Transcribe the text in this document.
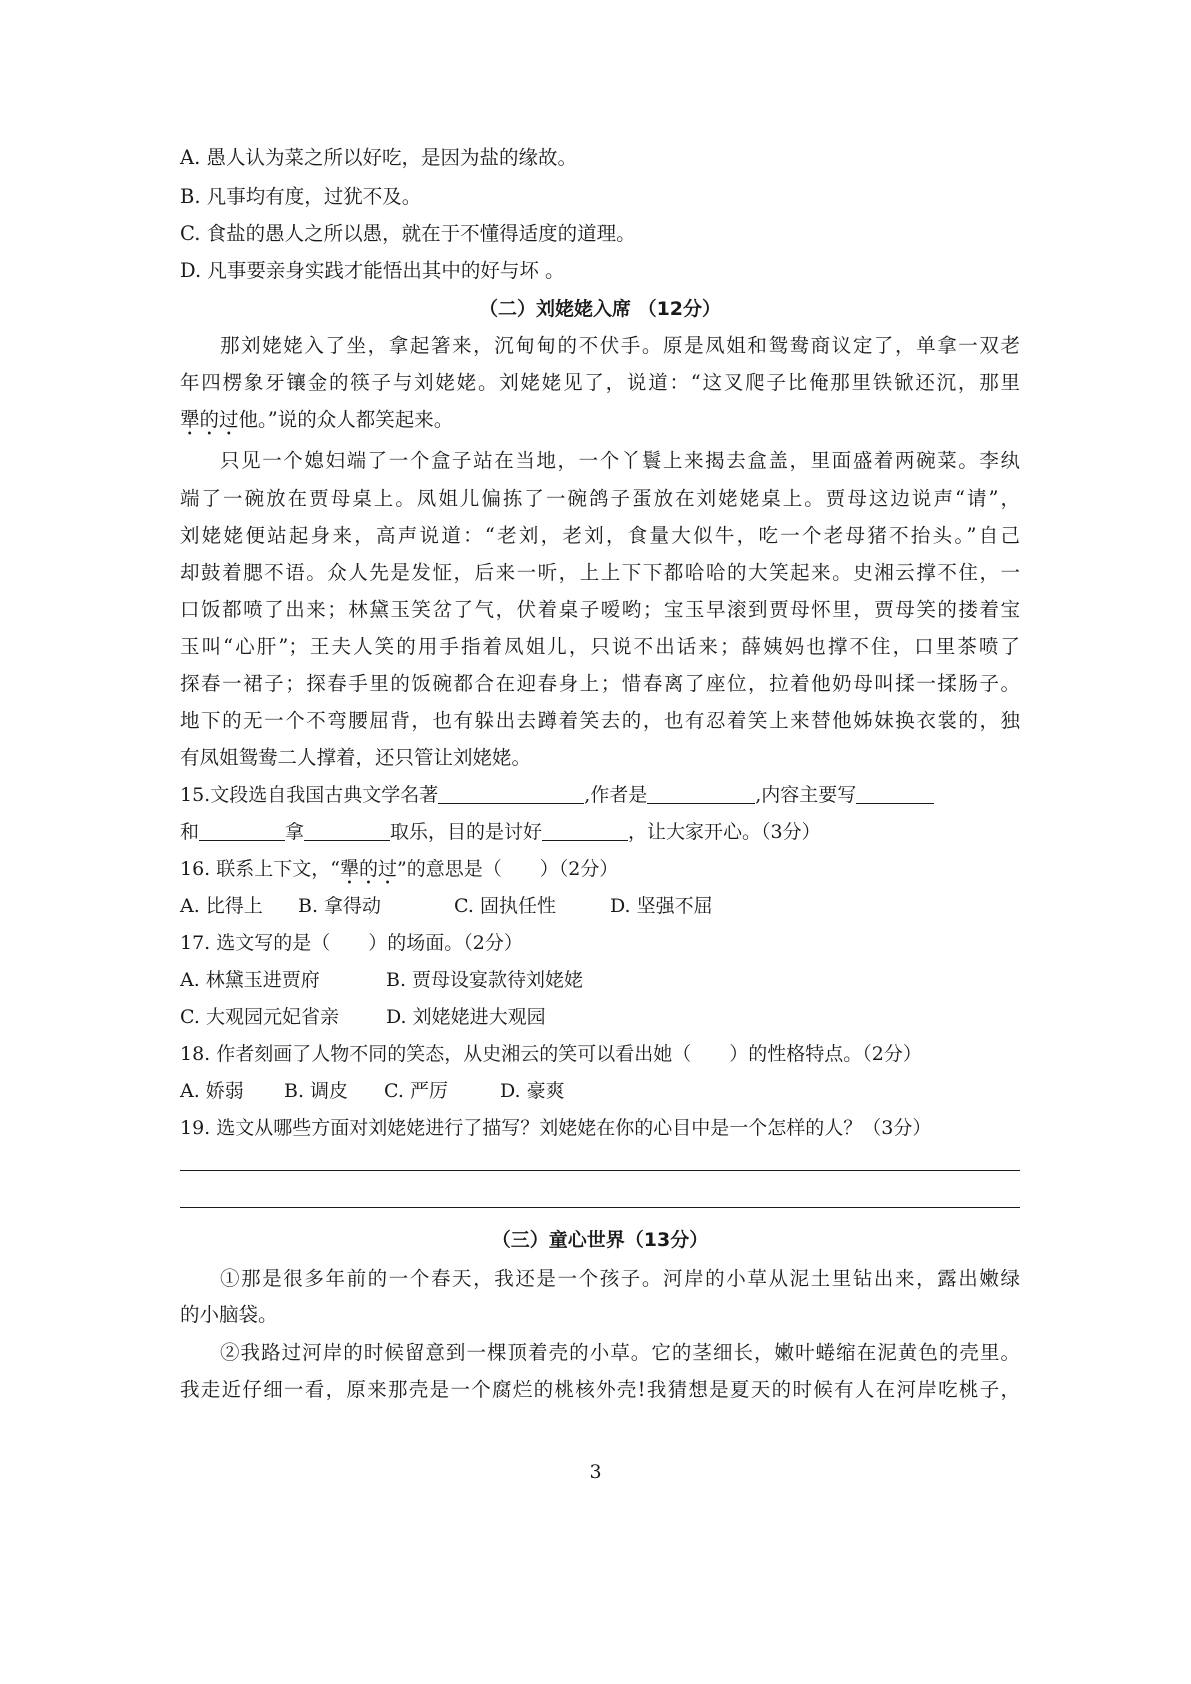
A. 愚人认为菜之所以好吃，是因为盐的缘故。
B. 凡事均有度，过犹不及。
C. 食盐的愚人之所以愚，就在于不懂得适度的道理。
D. 凡事要亲身实践才能悟出其中的好与坏 。
（二）刘姥姥入席 （12分）
那刘姥姥入了坐，拿起箸来，沉甸甸的不伏手。原是凤姐和鸳鸯商议定了，单拿一双老
年四楞象牙镶金的筷子与刘姥姥。刘姥姥见了，说道：“这叉爬子比俺那里铁锨还沉，那里
犟的过他。”说的众人都笑起来。
只见一个媳妇端了一个盒子站在当地，一个丫鬟上来揭去盒盖，里面盛着两碗菜。李纨
端了一碗放在贾母桌上。凤姐儿偏拣了一碗鸽子蛋放在刘姥姥桌上。贾母这边说声“请”，
刘姥姥便站起身来，高声说道：“老刘，老刘，食量大似牛，吃一个老母猪不抬头。”自己
却鼓着腮不语。众人先是发怔，后来一听，上上下下都哈哈的大笑起来。史湘云撑不住，一
口饭都喷了出来；林黛玉笑岔了气，伏着桌子嗳哟；宝玉早滚到贾母怀里，贾母笑的搂着宝
玉叫“心肝”；王夫人笑的用手指着凤姐儿，只说不出话来；薛姨妈也撑不住，口里茶喷了
探春一裙子；探春手里的饭碗都合在迎春身上；惜春离了座位，拉着他奶母叫揉一揉肠子。
地下的无一个不弯腰屈背，也有躲出去蹲着笑去的，也有忍着笑上来替他姊妹换衣裳的，独
有凤姐鸳鸯二人撑着，还只管让刘姥姥。
15.文段选自我国古典文学名著	,作者是	,内容主要写
和	拿	取乐，目的是讨好	，让大家开心。（3分）
16. 联系上下文，“犟的过”的意思是（　　）（2分）
A. 比得上 B. 拿得动	C. 固执任性	D. 坚强不屈
17. 选文写的是（　　）的场面。（2分）
A. 林黛玉进贾府	B. 贾母设宴款待刘姥姥
C. 大观园元妃省亲 D. 刘姥姥进大观园
18. 作者刻画了人物不同的笑态，从史湘云的笑可以看出她（　　）的性格特点。（2分）
A. 娇弱 B. 调皮 C. 严厉	D. 豪爽
19. 选文从哪些方面对刘姥姥进行了描写？刘姥姥在你的心目中是一个怎样的人？（3分）
（三）童心世界（13分）
①那是很多年前的一个春天，我还是一个孩子。河岸的小草从泥土里钻出来，露出嫩绿
的小脑袋。
②我路过河岸的时候留意到一棵顶着壳的小草。它的茎细长，嫩叶蜷缩在泥黄色的壳里。
我走近仔细一看，原来那壳是一个腐烂的桃核外壳!我猜想是夏天的时候有人在河岸吃桃子，
3
